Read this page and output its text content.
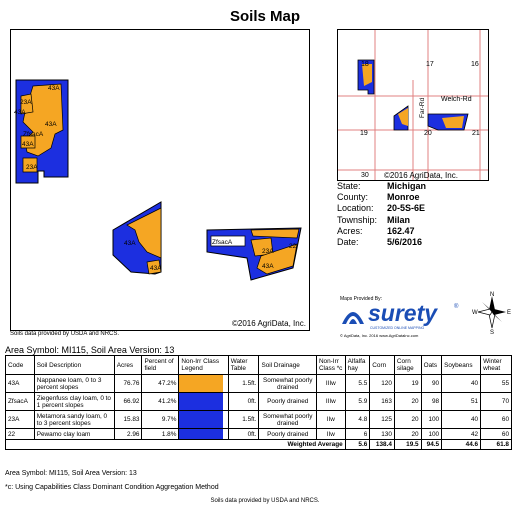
Soils Map
43A
23A
43A
43A
ZfsacA
43A
23A
43A
43A
ZfsacA
23A
43A
22
©2016 AgriData, Inc.
Soils data provided by USDA and NRCS.
18	17	16
19	20	21
30
Welch-Rd
Far-Rd
©2016 AgriData, Inc.
State:	Michigan
County:	Monroe
Location:	20-5S-6E
Township:	Milan
Acres:	162.47
Date:	5/6/2016
Maps Provided By:
surety	®
CUSTOMIZED ONLINE MAPPING
© AgriData, Inc. 2016 www.AgriDataInc.com
N
S
W	E
Area Symbol: MI115, Soil Area Version: 13
Code	Soil Description	Acres	Percent of field	Non-Irr Class Legend	Water Table	Soil Drainage	Non-Irr Class *c	Alfalfa hay	Corn	Corn silage	Oats	Soybeans	Winter wheat
43A	Nappanee loam, 0 to 3 percent slopes	76.76	47.2%		1.5ft.	Somewhat poorly drained	IIIw	5.5	120	19	90	40	55
ZfsacA	Ziegenfuss clay loam, 0 to 1 percent slopes	66.92	41.2%		0ft.	Poorly drained	IIIw	5.9	163	20	98	51	70
23A	Metamora sandy loam, 0 to 3 percent slopes	15.83	9.7%		1.5ft.	Somewhat poorly drained	IIw	4.8	125	20	100	40	60
22	Pewamo clay loam	2.96	1.8%		0ft.	Poorly drained	IIw	6	130	20	100	42	60
Weighted Average								5.6	138.4	19.5	94.5	44.6	61.8
Area Symbol: MI115, Soil Area Version: 13
*c: Using Capabilities Class Dominant Condition Aggregation Method
Soils data provided by USDA and NRCS.
